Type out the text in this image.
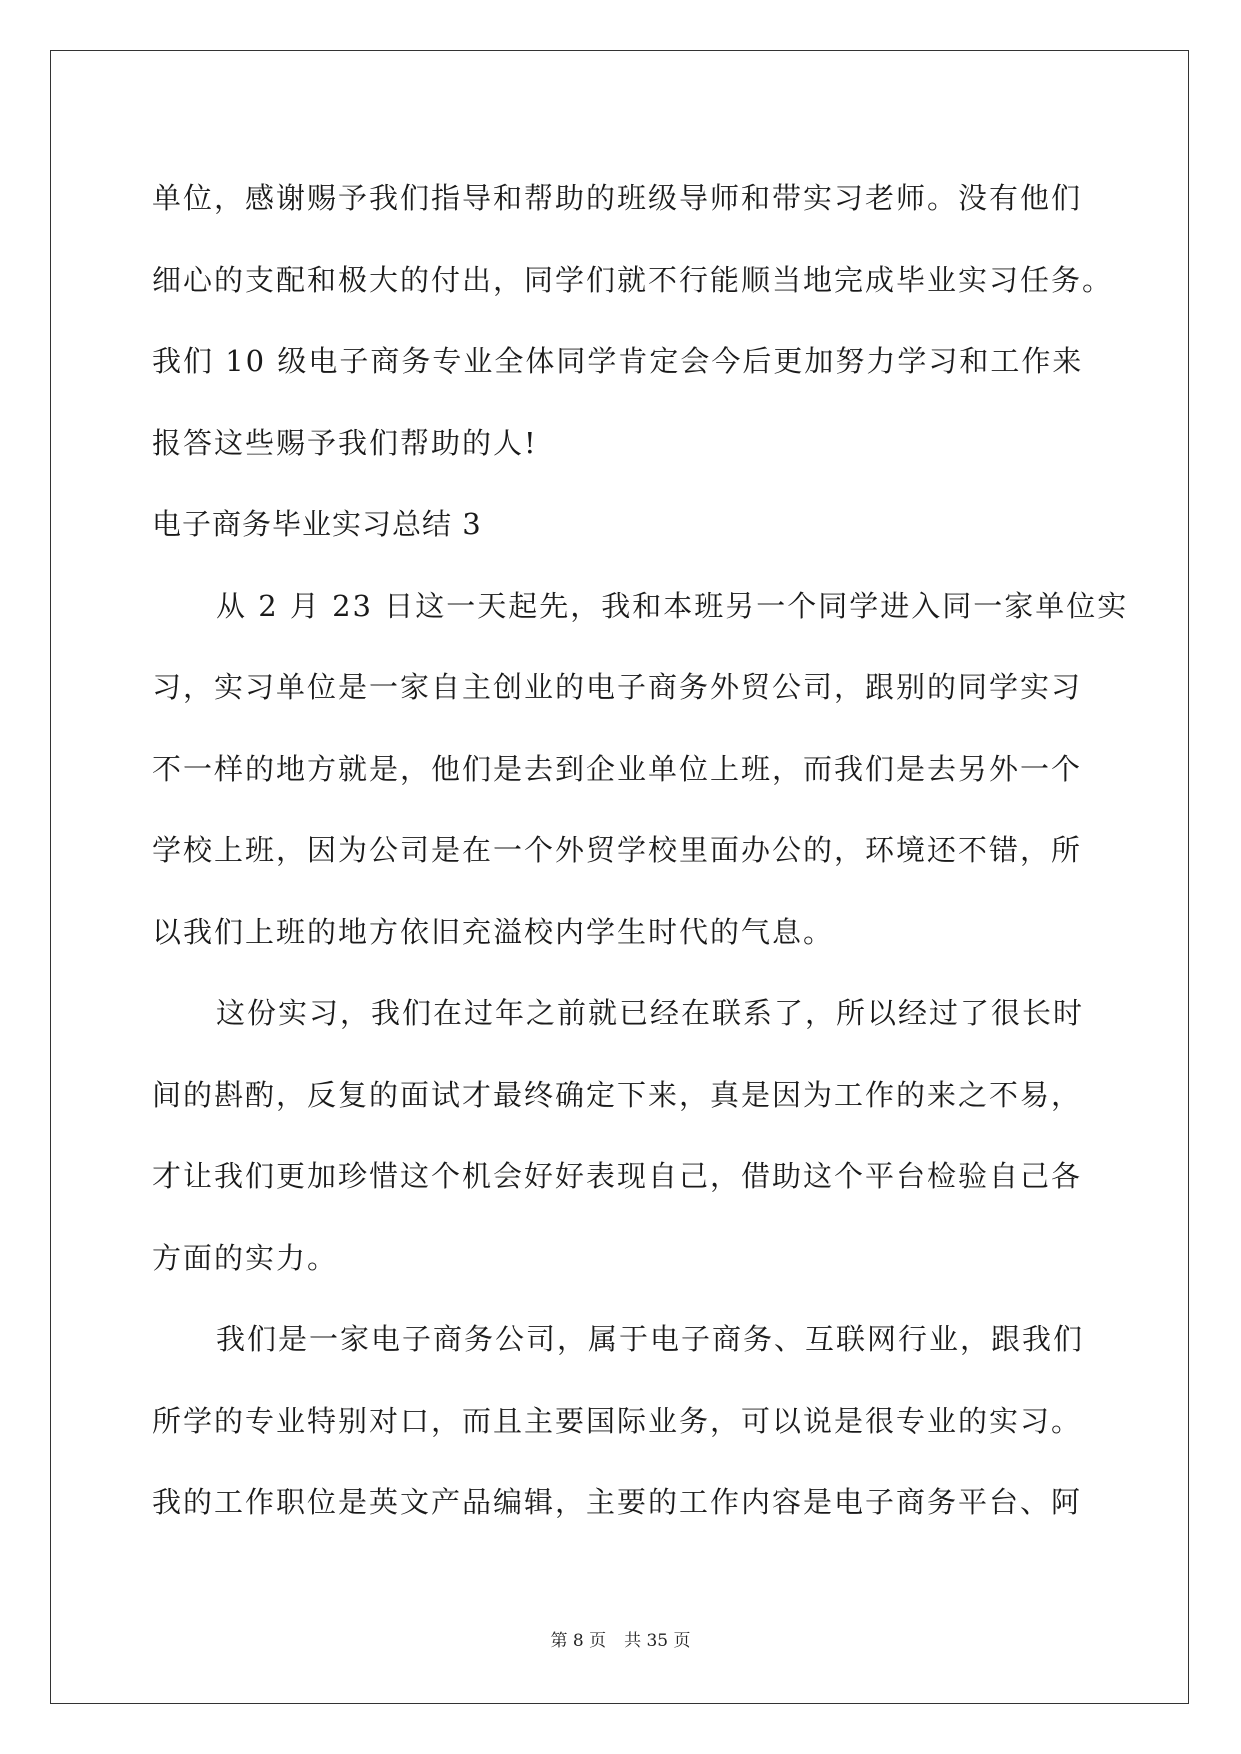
单位，感谢赐予我们指导和帮助的班级导师和带实习老师。没有他们
细心的支配和极大的付出，同学们就不行能顺当地完成毕业实习任务。
我们 10 级电子商务专业全体同学肯定会今后更加努力学习和工作来
报答这些赐予我们帮助的人!
电子商务毕业实习总结 3
从 2 月 23 日这一天起先，我和本班另一个同学进入同一家单位实
习，实习单位是一家自主创业的电子商务外贸公司，跟别的同学实习
不一样的地方就是，他们是去到企业单位上班，而我们是去另外一个
学校上班，因为公司是在一个外贸学校里面办公的，环境还不错，所
以我们上班的地方依旧充溢校内学生时代的气息。
这份实习，我们在过年之前就已经在联系了，所以经过了很长时
间的斟酌，反复的面试才最终确定下来，真是因为工作的来之不易，
才让我们更加珍惜这个机会好好表现自己，借助这个平台检验自己各
方面的实力。
我们是一家电子商务公司，属于电子商务、互联网行业，跟我们
所学的专业特别对口，而且主要国际业务，可以说是很专业的实习。
我的工作职位是英文产品编辑，主要的工作内容是电子商务平台、阿
第 8 页 共 35 页
